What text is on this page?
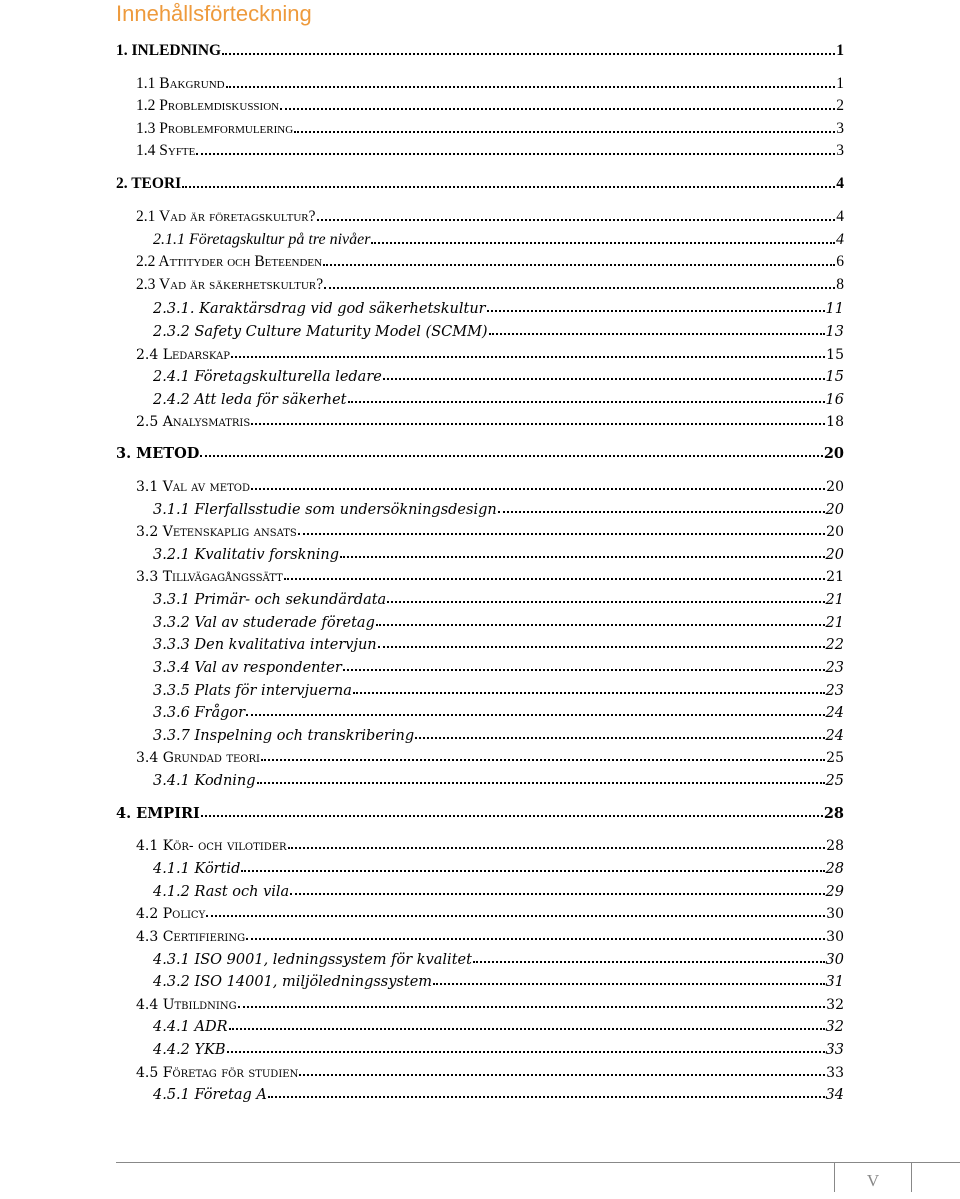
Innehållsförteckning
1. INLEDNING	1
1.1 Bakgrund	1
1.2 Problemdiskussion	2
1.3 Problemformulering	3
1.4 Syfte	3
2. TEORI	4
2.1 Vad är företagskultur?	4
2.1.1 Företagskultur på tre nivåer	4
2.2 Attityder och Beteenden	6
2.3 Vad är säkerhetskultur?	8
2.3.1. Karaktärsdrag vid god säkerhetskultur	11
2.3.2 Safety Culture Maturity Model (SCMM)	13
2.4 Ledarskap	15
2.4.1 Företagskulturella ledare	15
2.4.2 Att leda för säkerhet	16
2.5 Analysmatris	18
3. METOD	20
3.1 Val av metod	20
3.1.1 Flerfallsstudie som undersökningsdesign	20
3.2 Vetenskaplig ansats	20
3.2.1 Kvalitativ forskning	20
3.3 Tillvägagångssätt	21
3.3.1 Primär- och sekundärdata	21
3.3.2 Val av studerade företag	21
3.3.3 Den kvalitativa intervjun	22
3.3.4 Val av respondenter	23
3.3.5 Plats för intervjuerna	23
3.3.6 Frågor	24
3.3.7 Inspelning och transkribering	24
3.4 Grundad teori	25
3.4.1 Kodning	25
4. EMPIRI	28
4.1 Kör- och vilotider	28
4.1.1 Körtid	28
4.1.2 Rast och vila	29
4.2 Policy	30
4.3 Certifiering	30
4.3.1 ISO 9001, ledningssystem för kvalitet	30
4.3.2 ISO 14001, miljöledningssystem	31
4.4 Utbildning	32
4.4.1 ADR	32
4.4.2 YKB	33
4.5 Företag för studien	33
4.5.1 Företag A	34
V
